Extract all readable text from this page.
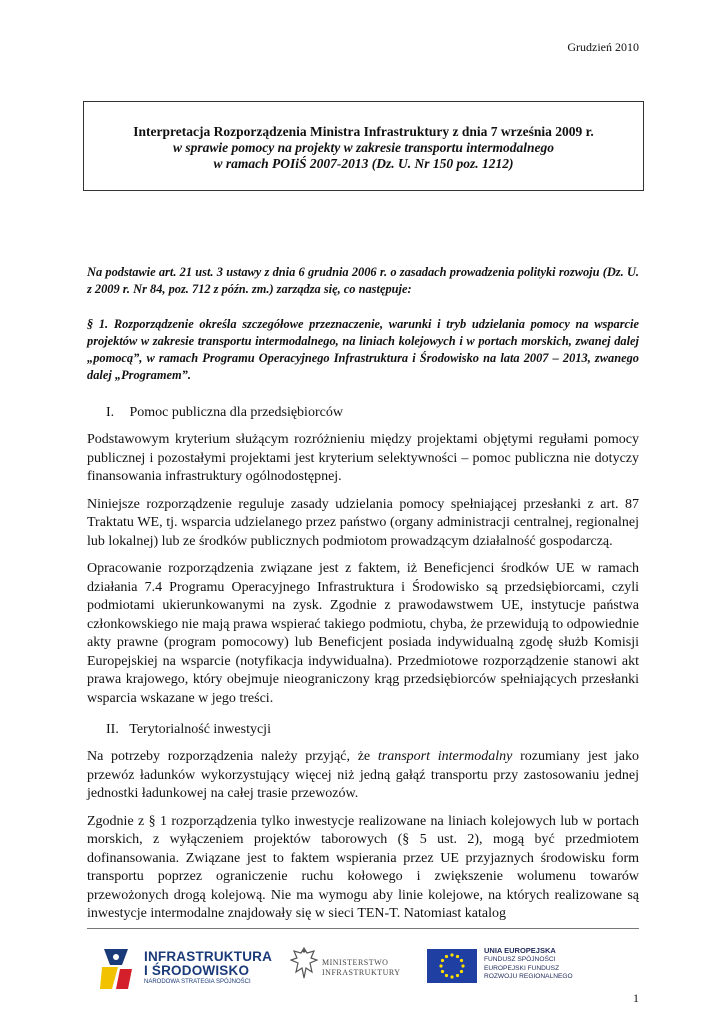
Grudzień 2010
Interpretacja Rozporządzenia Ministra Infrastruktury z dnia 7 września 2009 r.
w sprawie pomocy na projekty w zakresie transportu intermodalnego
w ramach POIiŚ 2007-2013 (Dz. U. Nr 150 poz. 1212)

Na podstawie art. 21 ust. 3 ustawy z dnia 6 grudnia 2006 r. o zasadach prowadzenia polityki rozwoju (Dz. U. z 2009 r. Nr 84, poz. 712 z późn. zm.) zarządza się, co następuje:

§ 1. Rozporządzenie określa szczegółowe przeznaczenie, warunki i tryb udzielania pomocy na wsparcie projektów w zakresie transportu intermodalnego, na liniach kolejowych i w portach morskich, zwanej dalej „pomocą”, w ramach Programu Operacyjnego Infrastruktura i Środowisko na lata 2007 – 2013, zwanego dalej „Programem”.

I. Pomoc publiczna dla przedsiębiorców

Podstawowym kryterium służącym rozróżnieniu między projektami objętymi regułami pomocy publicznej i pozostałymi projektami jest kryterium selektywności – pomoc publiczna nie dotyczy finansowania infrastruktury ogólnodostępnej.

Niniejsze rozporządzenie reguluje zasady udzielania pomocy spełniającej przesłanki z art. 87 Traktatu WE, tj. wsparcia udzielanego przez państwo (organy administracji centralnej, regionalnej lub lokalnej) lub ze środków publicznych podmiotom prowadzącym działalność gospodarczą.

Opracowanie rozporządzenia związane jest z faktem, iż Beneficjenci środków UE w ramach działania 7.4 Programu Operacyjnego Infrastruktura i Środowisko są przedsiębiorcami, czyli podmiotami ukierunkowanymi na zysk. Zgodnie z prawodawstwem UE, instytucje państwa członkowskiego nie mają prawa wspierać takiego podmiotu, chyba, że przewidują to odpowiednie akty prawne (program pomocowy) lub Beneficjent posiada indywidualną zgodę służb Komisji Europejskiej na wsparcie (notyfikacja indywidualna). Przedmiotowe rozporządzenie stanowi akt prawa krajowego, który obejmuje nieograniczony krąg przedsiębiorców spełniających przesłanki wsparcia wskazane w jego treści.

II. Terytorialność inwestycji

Na potrzeby rozporządzenia należy przyjąć, że transport intermodalny rozumiany jest jako przewóz ładunków wykorzystujący więcej niż jedną gałąź transportu przy zastosowaniu jednej jednostki ładunkowej na całej trasie przewozów.

Zgodnie z § 1 rozporządzenia tylko inwestycje realizowane na liniach kolejowych lub w portach morskich, z wyłączeniem projektów taborowych (§ 5 ust. 2), mogą być przedmiotem dofinansowania. Związane jest to faktem wspierania przez UE przyjaznych środowisku form transportu poprzez ograniczenie ruchu kołowego i zwiększenie wolumenu towarów przewożonych drogą kolejową. Nie ma wymogu aby linie kolejowe, na których realizowane są inwestycje intermodalne znajdowały się w sieci TEN-T. Natomiast katalog

INFRASTRUKTURA
I ŚRODOWISKO
NARODOWA STRATEGIA SPÓJNOŚCI
MINISTERSTWO
INFRASTRUKTURY
UNIA EUROPEJSKA
FUNDUSZ SPÓJNOŚCI
EUROPEJSKI FUNDUSZ
ROZWOJU REGIONALNEGO
1
